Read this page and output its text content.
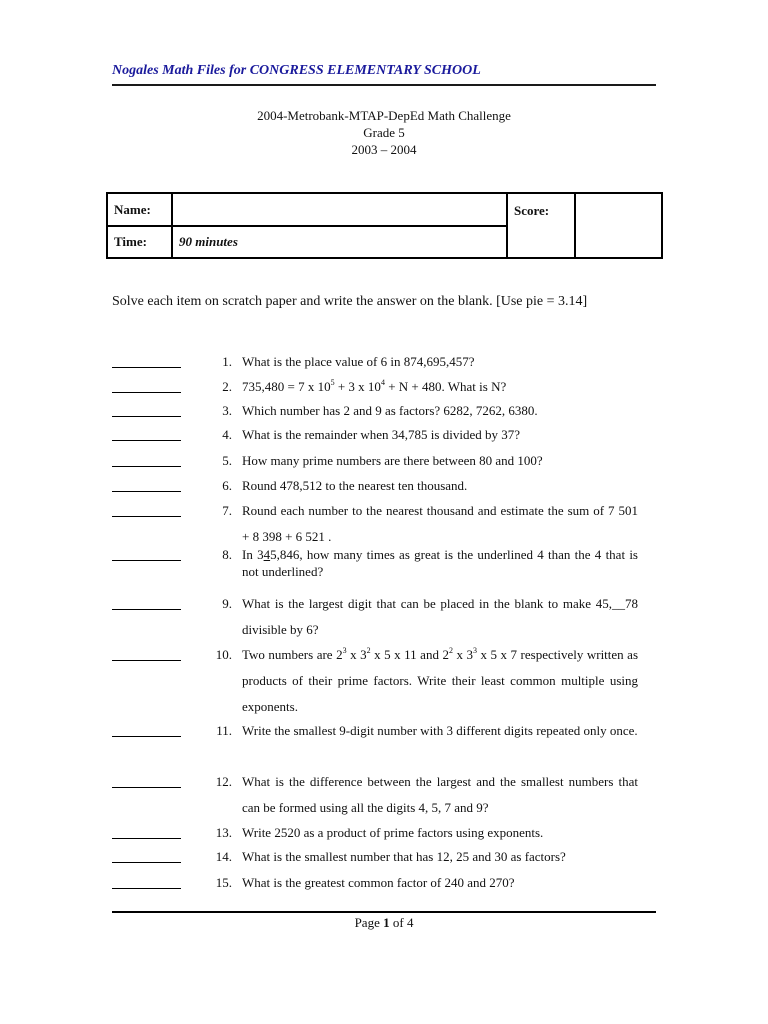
Nogales Math Files for CONGRESS ELEMENTARY SCHOOL
2004-Metrobank-MTAP-DepEd Math Challenge
Grade 5
2003 – 2004
Name:		Score:	
Time:	90 minutes		
Solve each item on scratch paper and write the answer on the blank. [Use pie = 3.14]
1. What is the place value of 6 in 874,695,457?
2. 735,480 = 7 x $10^5 + 3$ x $10^4 + N + 480$. What is N?
3. Which number has 2 and 9 as factors? 6282, 7262, 6380.
4. What is the remainder when 34,785 is divided by 37?
5. How many prime numbers are there between 80 and 100?
6. Round 478,512 to the nearest ten thousand.
7. Round each number to the nearest thousand and estimate the sum of 7 501 + 8 398 + 6 521 .
8. In 345,846, how many times as great is the underlined 4 than the 4 that is not underlined?
9. What is the largest digit that can be placed in the blank to make 45,__78 divisible by 6?
10. Two numbers are $2^3$ x $3^2$ x 5 x 11 and $2^2$ x $3^3$ x 5 x 7 respectively written as products of their prime factors. Write their least common multiple using exponents.
11. Write the smallest 9-digit number with 3 different digits repeated only once.
12. What is the difference between the largest and the smallest numbers that can be formed using all the digits 4, 5, 7 and 9?
13. Write 2520 as a product of prime factors using exponents.
14. What is the smallest number that has 12, 25 and 30 as factors?
15. What is the greatest common factor of 240 and 270?
Page 1 of 4
